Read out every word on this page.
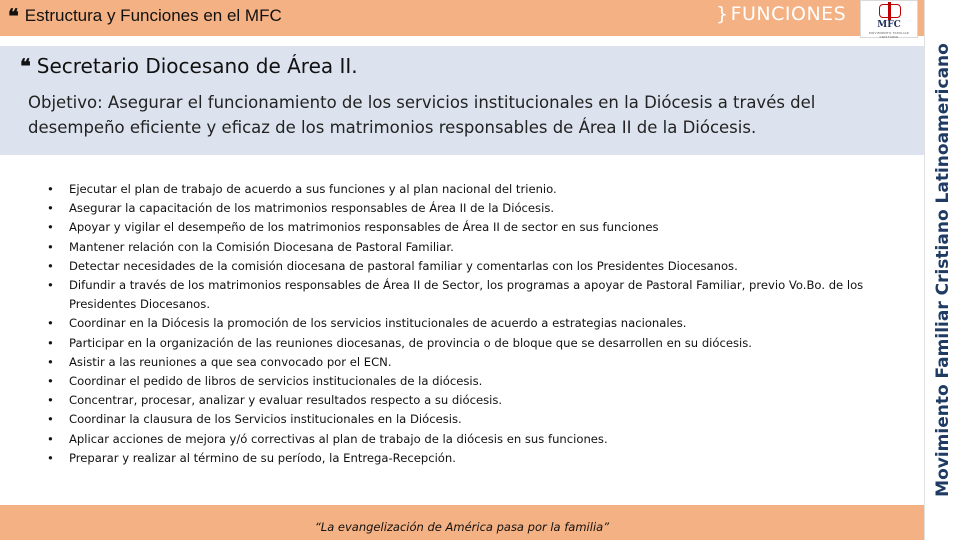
❝ Estructura y Funciones en el MFC	} FUNCIONES	MFC
MOVIMIENTO FAMILIAR CRISTIANO
Movimiento Familiar Cristiano Latinoamericano
❝ Secretario Diocesano de Área II.
Objetivo: Asegurar el funcionamiento de los servicios institucionales en la Diócesis a través del desempeño eficiente y eficaz de los matrimonios responsables de Área II de la Diócesis.
• Ejecutar el plan de trabajo de acuerdo a sus funciones y al plan nacional del trienio.
• Asegurar la capacitación de los matrimonios responsables de Área II de la Diócesis.
• Apoyar y vigilar el desempeño de los matrimonios responsables de Área II de sector en sus funciones
• Mantener relación con la Comisión Diocesana de Pastoral Familiar.
• Detectar necesidades de la comisión diocesana de pastoral familiar y comentarlas con los Presidentes Diocesanos.
• Difundir a través de los matrimonios responsables de Área II de Sector, los programas a apoyar de Pastoral Familiar, previo Vo.Bo. de los Presidentes Diocesanos.
• Coordinar en la Diócesis la promoción de los servicios institucionales de acuerdo a estrategias nacionales.
• Participar en la organización de las reuniones diocesanas, de provincia o de bloque que se desarrollen en su diócesis.
• Asistir a las reuniones a que sea convocado por el ECN.
• Coordinar el pedido de libros de servicios institucionales de la diócesis.
• Concentrar, procesar, analizar y evaluar resultados respecto a su diócesis.
• Coordinar la clausura de los Servicios institucionales en la Diócesis.
• Aplicar acciones de mejora y/ó correctivas al plan de trabajo de la diócesis en sus funciones.
• Preparar y realizar al término de su período, la Entrega-Recepción.
“La evangelización de América pasa por la familia”
